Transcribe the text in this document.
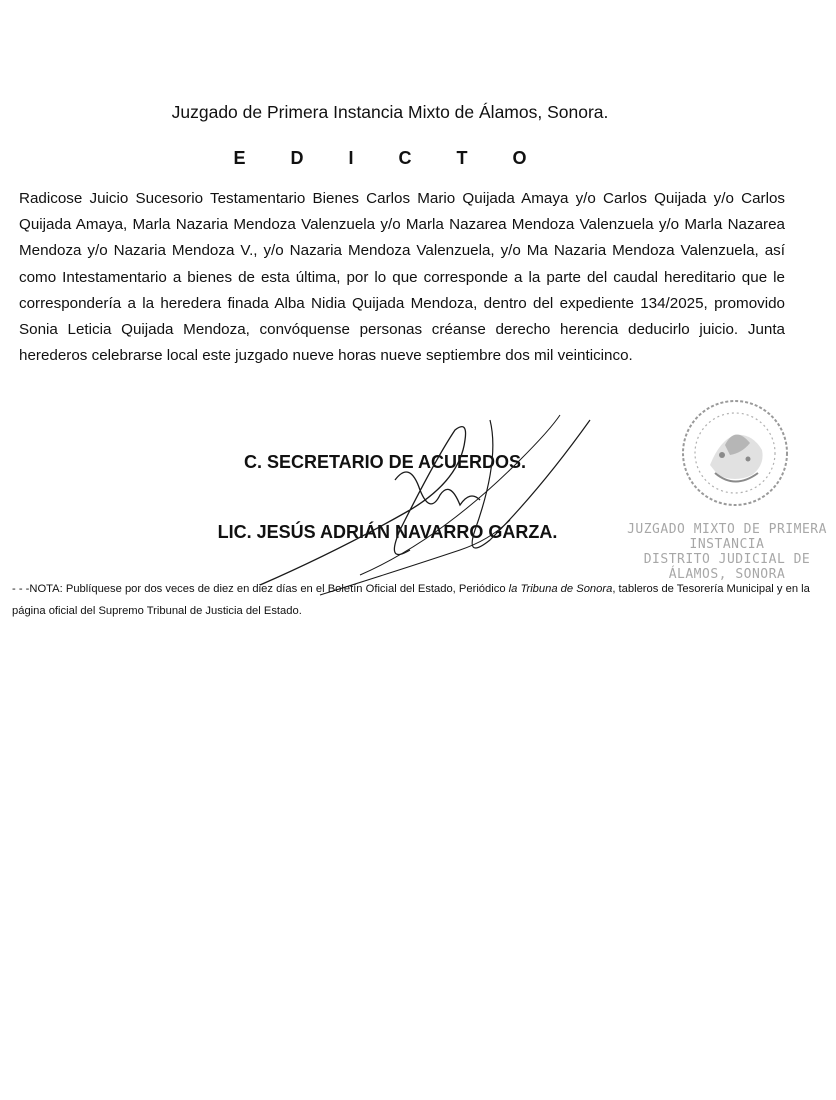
Juzgado de Primera Instancia Mixto de Álamos, Sonora.
E D I C T O
Radicose Juicio Sucesorio Testamentario Bienes Carlos Mario Quijada Amaya y/o Carlos Quijada y/o Carlos Quijada Amaya, Marla Nazaria Mendoza Valenzuela y/o Marla Nazarea Mendoza Valenzuela y/o Marla Nazarea Mendoza y/o Nazaria Mendoza V., y/o Nazaria Mendoza Valenzuela, y/o Ma Nazaria Mendoza Valenzuela, así como Intestamentario a bienes de esta última, por lo que corresponde a la parte del caudal hereditario que le correspondería a la heredera finada Alba Nidia Quijada Mendoza, dentro del expediente 134/2025, promovido Sonia Leticia Quijada Mendoza, convóquense personas créanse derecho herencia deducirlo juicio. Junta herederos celebrarse local este juzgado nueve horas nueve septiembre dos mil veinticinco.
C. SECRETARIO DE ACUERDOS.
LIC. JESÚS ADRIÁN NAVARRO GARZA.	JUZGADO MIXTO DE PRIMERA
INSTANCIA
DISTRITO JUDICIAL DE
ÁLAMOS, SONORA
- - -NOTA: Publíquese por dos veces de diez en diez días en el Boletín Oficial del Estado, Periódico la Tribuna de Sonora, tableros de Tesorería Municipal y en la página oficial del Supremo Tribunal de Justicia del Estado.
